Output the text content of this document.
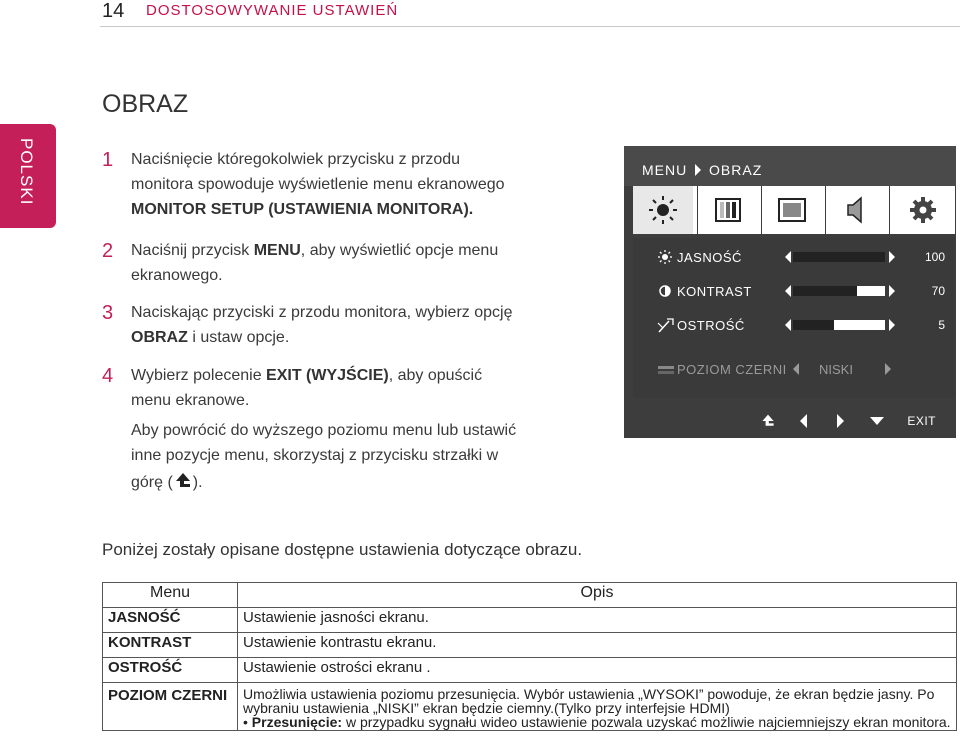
14 DOSTOSOWYWANIE USTAWIEŃ
POLSKI
OBRAZ
1 Naciśnięcie któregokolwiek przycisku z przodu
monitora spowoduje wyświetlenie menu ekranowego
MONITOR SETUP (USTAWIENIA MONITORA).
2 Naciśnij przycisk MENU, aby wyświetlić opcje menu
ekranowego.
3 Naciskając przyciski z przodu monitora, wybierz opcję
OBRAZ i ustaw opcje.
4 Wybierz polecenie EXIT (WYJŚCIE), aby opuścić
menu ekranowe.
Aby powrócić do wyższego poziomu menu lub ustawić
inne pozycje menu, skorzystaj z przycisku strzałki w
górę ( ).
MENU OBRAZ
JASNOŚĆ	100
KONTRAST	70
OSTROŚĆ	5
POZIOM CZERNI NISKI
EXIT
Poniżej zostały opisane dostępne ustawienia dotyczące obrazu.
Menu	Opis
JASNOŚĆ	Ustawienie jasności ekranu.
KONTRAST	Ustawienie kontrastu ekranu.
OSTROŚĆ	Ustawienie ostrości ekranu .
POZIOM CZERNI	Umożliwia ustawienia poziomu przesunięcia. Wybór ustawienia „WYSOKI” powoduje, że ekran będzie jasny. Po wybraniu ustawienia „NISKI” ekran będzie ciemny.(Tylko przy interfejsie HDMI)
• Przesunięcie: w przypadku sygnału wideo ustawienie pozwala uzyskać możliwie najciemniejszy ekran monitora.
